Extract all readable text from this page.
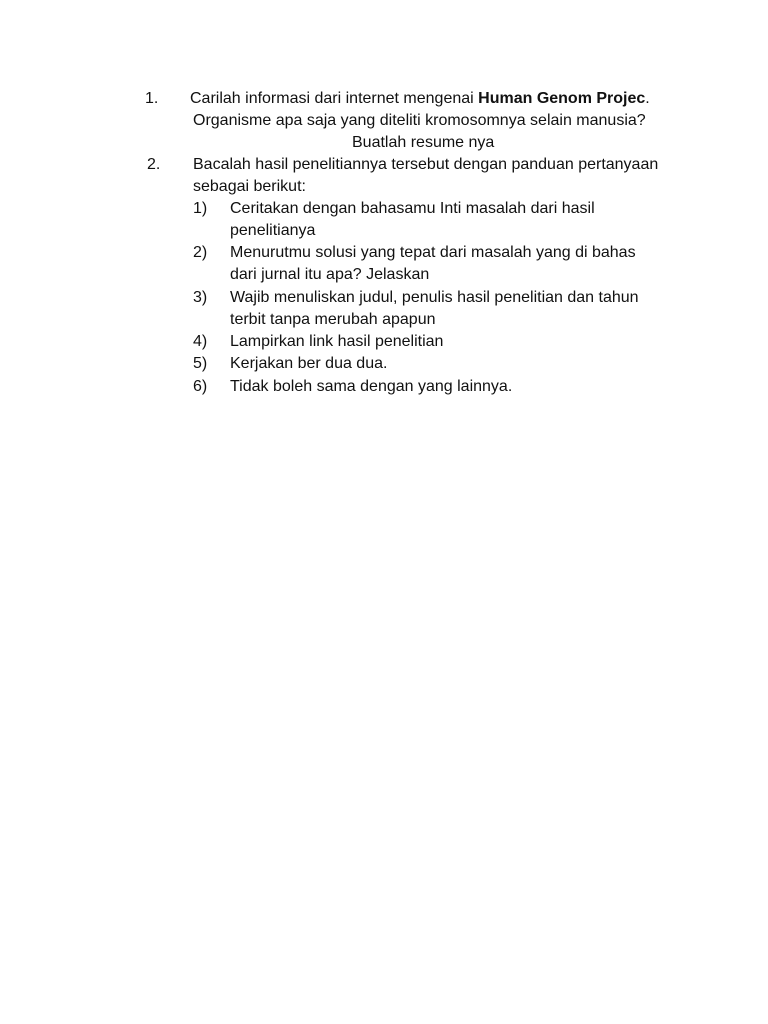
1. Carilah informasi dari internet mengenai Human Genom Projec.
Organisme apa saja yang diteliti kromosomnya selain manusia?
Buatlah resume nya
2. Bacalah hasil penelitiannya tersebut dengan panduan pertanyaan
sebagai berikut:
1) Ceritakan dengan bahasamu Inti masalah dari hasil
penelitianya
2) Menurutmu solusi yang tepat dari masalah yang di bahas
dari jurnal itu apa? Jelaskan
3) Wajib menuliskan judul, penulis hasil penelitian dan tahun
terbit tanpa merubah apapun
4) Lampirkan link hasil penelitian
5) Kerjakan ber dua dua.
6) Tidak boleh sama dengan yang lainnya.
